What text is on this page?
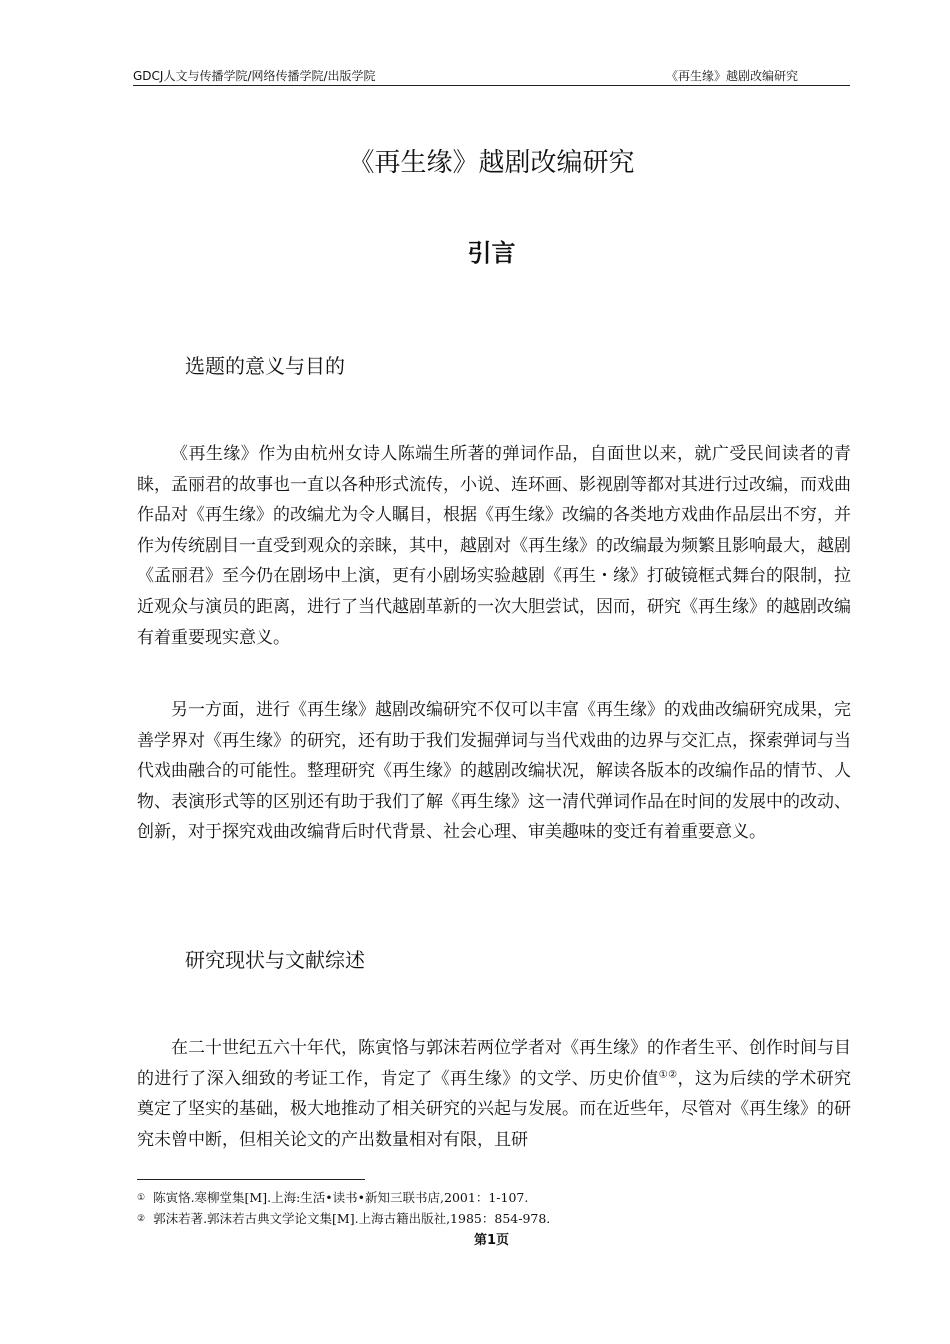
GDCJ人文与传播学院/网络传播学院/出版学院	《再生缘》越剧改编研究
《再生缘》越剧改编研究
引言
选题的意义与目的

《再生缘》作为由杭州女诗人陈端生所著的弹词作品，自面世以来，就广受民间读者的青睐，孟丽君的故事也一直以各种形式流传，小说、连环画、影视剧等都对其进行过改编，而戏曲作品对《再生缘》的改编尤为令人瞩目，根据《再生缘》改编的各类地方戏曲作品层出不穷，并作为传统剧目一直受到观众的亲睐，其中，越剧对《再生缘》的改编最为频繁且影响最大，越剧《孟丽君》至今仍在剧场中上演，更有小剧场实验越剧《再生・缘》打破镜框式舞台的限制，拉近观众与演员的距离，进行了当代越剧革新的一次大胆尝试，因而，研究《再生缘》的越剧改编有着重要现实意义。

另一方面，进行《再生缘》越剧改编研究不仅可以丰富《再生缘》的戏曲改编研究成果，完善学界对《再生缘》的研究，还有助于我们发掘弹词与当代戏曲的边界与交汇点，探索弹词与当代戏曲融合的可能性。整理研究《再生缘》的越剧改编状况，解读各版本的改编作品的情节、人物、表演形式等的区别还有助于我们了解《再生缘》这一清代弹词作品在时间的发展中的改动、创新，对于探究戏曲改编背后时代背景、社会心理、审美趣味的变迁有着重要意义。

研究现状与文献综述

在二十世纪五六十年代，陈寅恪与郭沫若两位学者对《再生缘》的作者生平、创作时间与目的进行了深入细致的考证工作，肯定了《再生缘》的文学、历史价值①②，这为后续的学术研究奠定了坚实的基础，极大地推动了相关研究的兴起与发展。而在近些年，尽管对《再生缘》的研究未曾中断，但相关论文的产出数量相对有限，且研

① 陈寅恪.寒柳堂集[M].上海:生活•读书•新知三联书店,2001：1-107.
② 郭沫若著.郭沫若古典文学论文集[M].上海古籍出版社,1985：854-978.
第1页
